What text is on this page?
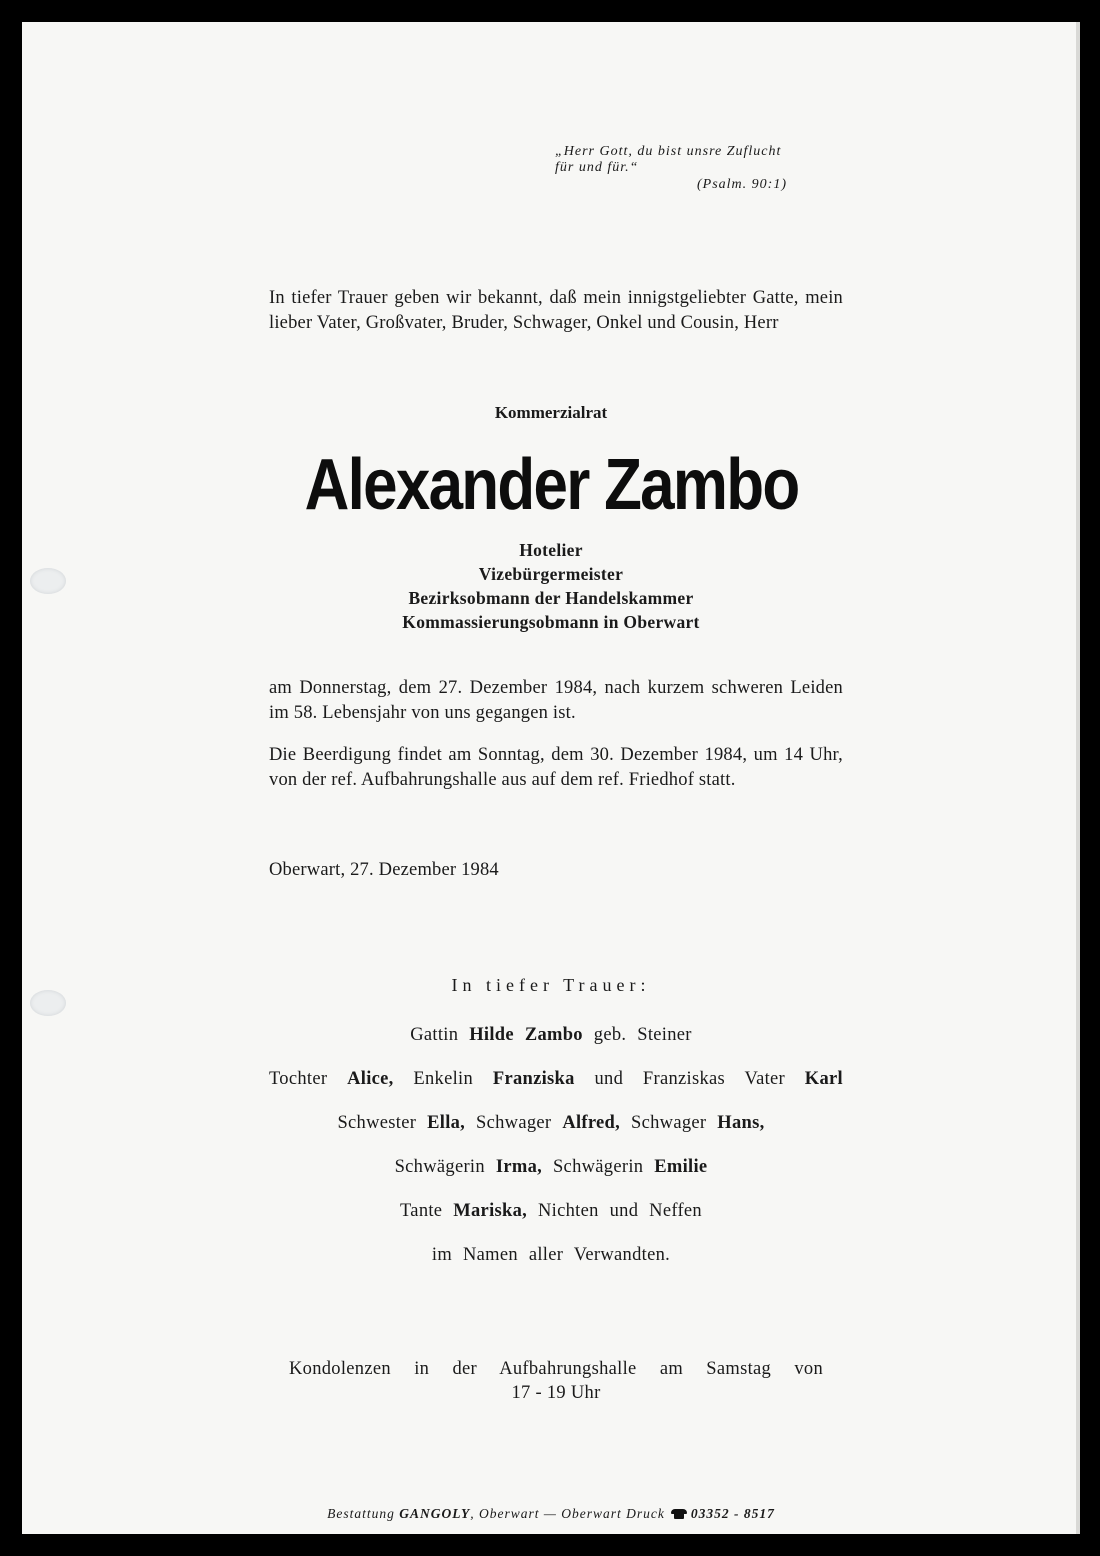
„Herr Gott, du bist unsre Zuflucht
für und für.“
(Psalm. 90:1)
In tiefer Trauer geben wir bekannt, daß mein innigstgeliebter Gatte, mein lieber Vater, Großvater, Bruder, Schwager, Onkel und Cousin, Herr
Kommerzialrat
Alexander Zambo
Hotelier
Vizebürgermeister
Bezirksobmann der Handelskammer
Kommassierungsobmann in Oberwart
am Donnerstag, dem 27. Dezember 1984, nach kurzem schweren Leiden im 58. Lebensjahr von uns gegangen ist.
Die Beerdigung findet am Sonntag, dem 30. Dezember 1984, um 14 Uhr, von der ref. Aufbahrungshalle aus auf dem ref. Friedhof statt.
Oberwart, 27. Dezember 1984
In tiefer Trauer:
Gattin Hilde Zambo geb. Steiner
Tochter Alice, Enkelin Franziska und Franziskas Vater Karl
Schwester Ella, Schwager Alfred, Schwager Hans,
Schwägerin Irma, Schwägerin Emilie
Tante Mariska, Nichten und Neffen
im Namen aller Verwandten.
Kondolenzen in der Aufbahrungshalle am Samstag von
17 - 19 Uhr
Bestattung GANGOLY, Oberwart — Oberwart Druck 03352 - 8517
